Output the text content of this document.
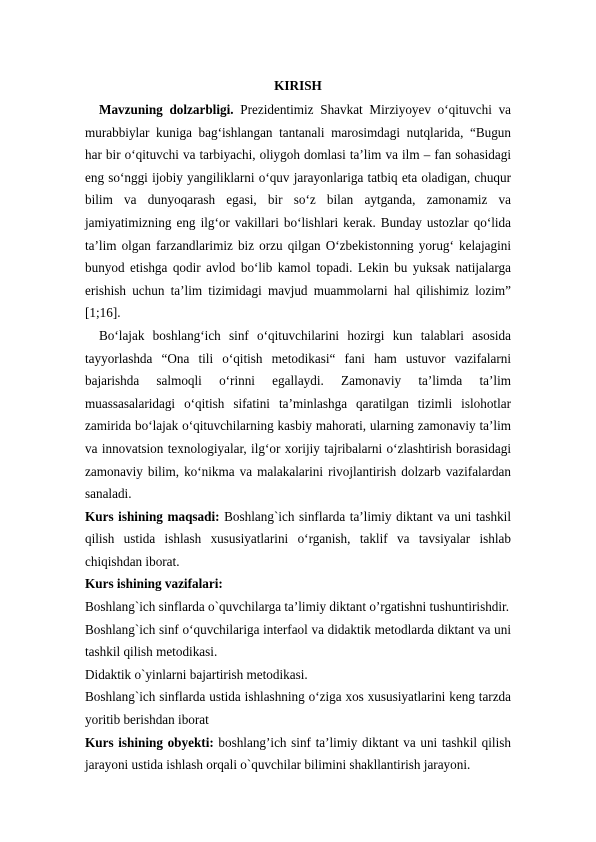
KIRISH

Mavzuning dolzarbligi. Prezidentimiz Shavkat Mirziyoyev o‘qituvchi va murabbiylar kuniga bag‘ishlangan tantanali marosimdagi nutqlarida, “Bugun har bir o‘qituvchi va tarbiyachi, oliygoh domlasi ta’lim va ilm – fan sohasidagi eng so‘nggi ijobiy yangiliklarni o‘quv jarayonlariga tatbiq eta oladigan, chuqur bilim va dunyoqarash egasi, bir so‘z bilan aytganda, zamonamiz va jamiyatimizning eng ilg‘or vakillari bo‘lishlari kerak. Bunday ustozlar qo‘lida ta’lim olgan farzandlarimiz biz orzu qilgan O‘zbekistonning yorug‘ kelajagini bunyod etishga qodir avlod bo‘lib kamol topadi. Lekin bu yuksak natijalarga erishish uchun ta’lim tizimidagi mavjud muammolarni hal qilishimiz lozim” [1;16].

Bo‘lajak boshlang‘ich sinf o‘qituvchilarini hozirgi kun talablari asosida tayyorlashda “Ona tili o‘qitish metodikasi“ fani ham ustuvor vazifalarni bajarishda salmoqli o‘rinni egallaydi. Zamonaviy ta’limda ta’lim muassasalaridagi o‘qitish sifatini ta’minlashga qaratilgan tizimli islohotlar zamirida bo‘lajak o‘qituvchilarning kasbiy mahorati, ularning zamonaviy ta’lim va innovatsion texnologiyalar, ilg‘or xorijiy tajribalarni o‘zlashtirish borasidagi zamonaviy bilim, ko‘nikma va malakalarini rivojlantirish dolzarb vazifalardan sanaladi.

Kurs ishining maqsadi: Boshlang`ich sinflarda ta’limiy diktant va uni tashkil qilish ustida ishlash xususiyatlarini o‘rganish, taklif va tavsiyalar ishlab chiqishdan iborat.

Kurs ishining vazifalari:

Boshlang`ich sinflarda o`quvchilarga ta’limiy diktant o’rgatishni tushuntirishdir.

Boshlang`ich sinf o‘quvchilariga interfaol va didaktik metodlarda diktant va uni tashkil qilish metodikasi.

Didaktik o`yinlarni bajartirish metodikasi.

Boshlang`ich sinflarda ustida ishlashning o‘ziga xos xususiyatlarini keng tarzda yoritib berishdan iborat

Kurs ishining obyekti: boshlang’ich sinf ta’limiy diktant va uni tashkil qilish jarayoni ustida ishlash orqali o`quvchilar bilimini shakllantirish jarayoni.
